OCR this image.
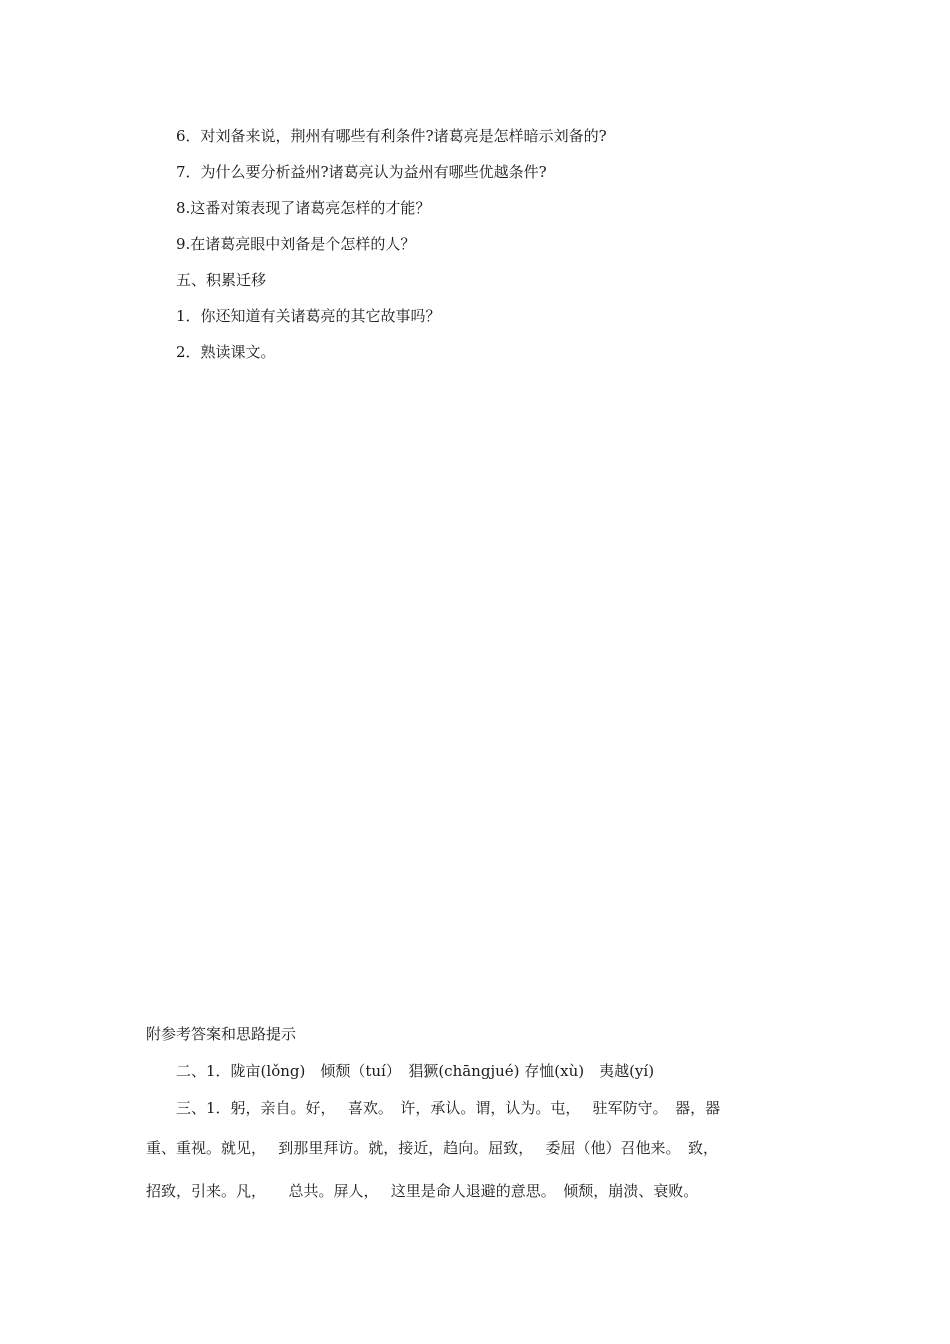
6．对刘备来说，荆州有哪些有利条件?诸葛亮是怎样暗示刘备的?
7．为什么要分析益州?诸葛亮认为益州有哪些优越条件?
8.这番对策表现了诸葛亮怎样的才能？
9.在诸葛亮眼中刘备是个怎样的人？
五、积累迁移
1．你还知道有关诸葛亮的其它故事吗？
2．熟读课文。
附参考答案和思路提示
二、1．陇亩(lǒng)　倾颓（tuí）　猖獗(chāngjué) 存恤(xù)　夷越(yí)
三、1．躬，亲自。好，　 喜欢。　许，承认。谓，认为。屯，　 驻军防守。　器，器
重、重视。就见，　 到那里拜访。就，接近，趋向。屈致，　 委屈（他）召他来。　致，
招致，引来。凡，　　总共。屏人，　 这里是命人退避的意思。　倾颓，崩溃、衰败。
